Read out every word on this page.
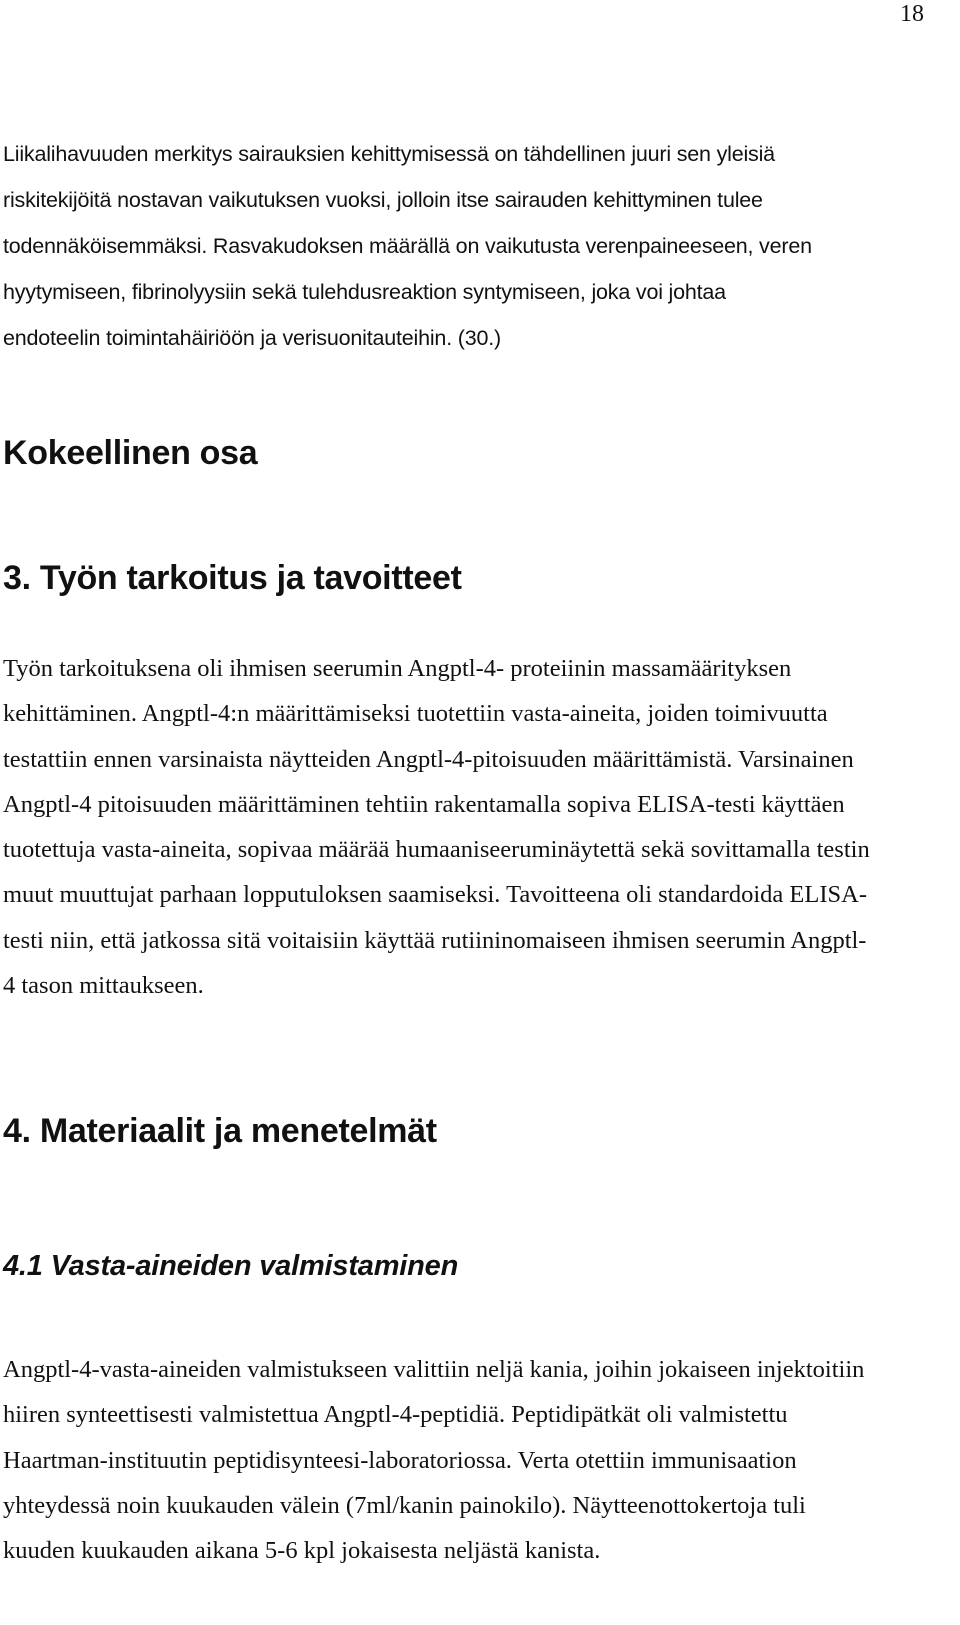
18
Liikalihavuuden merkitys sairauksien kehittymisessä on tähdellinen juuri sen yleisiä
riskitekijöitä nostavan vaikutuksen vuoksi, jolloin itse sairauden kehittyminen tulee
todennäköisemmäksi. Rasvakudoksen määrällä on vaikutusta verenpaineeseen, veren
hyytymiseen, fibrinolyysiin sekä tulehdusreaktion syntymiseen, joka voi johtaa
endoteelin toimintahäiriöön ja verisuonitauteihin. (30.)
Kokeellinen osa
3. Työn tarkoitus ja tavoitteet
Työn tarkoituksena oli ihmisen seerumin Angptl-4- proteiinin massamäärityksen
kehittäminen. Angptl-4:n määrittämiseksi tuotettiin vasta-aineita, joiden toimivuutta
testattiin ennen varsinaista näytteiden Angptl-4-pitoisuuden määrittämistä. Varsinainen
Angptl-4 pitoisuuden määrittäminen tehtiin rakentamalla sopiva ELISA-testi käyttäen
tuotettuja vasta-aineita, sopivaa määrää humaaniseeruminäytettä sekä sovittamalla testin
muut muuttujat parhaan lopputuloksen saamiseksi. Tavoitteena oli standardoida ELISA-
testi niin, että jatkossa sitä voitaisiin käyttää rutiininomaiseen ihmisen seerumin Angptl-
4 tason mittaukseen.
4. Materiaalit ja menetelmät
4.1 Vasta-aineiden valmistaminen
Angptl-4-vasta-aineiden valmistukseen valittiin neljä kania, joihin jokaiseen injektoitiin
hiiren synteettisesti valmistettua Angptl-4-peptidiä. Peptidipätkät oli valmistettu
Haartman-instituutin peptidisynteesi-laboratoriossa. Verta otettiin immunisaation
yhteydessä noin kuukauden välein (7ml/kanin painokilo). Näytteenottokertoja tuli
kuuden kuukauden aikana 5-6 kpl jokaisesta neljästä kanista.
